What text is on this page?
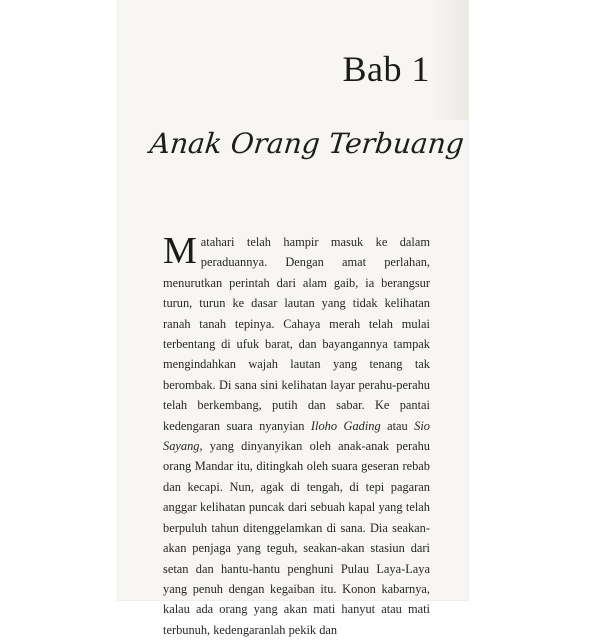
Bab 1
Anak Orang Terbuang

Matahari telah hampir masuk ke dalam peraduannya. Dengan amat perlahan, menurutkan perintah dari alam gaib, ia berangsur turun, turun ke dasar lautan yang tidak kelihatan ranah tanah tepinya. Cahaya merah telah mulai terbentang di ufuk barat, dan bayangannya tampak mengindahkan wajah lautan yang tenang tak berombak. Di sana sini kelihatan layar perahu-perahu telah berkembang, putih dan sabar. Ke pantai kedengaran suara nyanyian Iloho Gading atau Sio Sayang, yang dinyanyikan oleh anak-anak perahu orang Mandar itu, ditingkah oleh suara geseran rebab dan kecapi. Nun, agak di tengah, di tepi pagaran anggar kelihatan puncak dari sebuah kapal yang telah berpuluh tahun ditenggelamkan di sana. Dia seakan-akan penjaga yang teguh, seakan-akan stasiun dari setan dan hantu-hantu penghuni Pulau Laya-Laya yang penuh dengan kegaiban itu. Konon kabarnya, kalau ada orang yang akan mati hanyut atau mati terbunuh, kedengaranlah pekik dan
